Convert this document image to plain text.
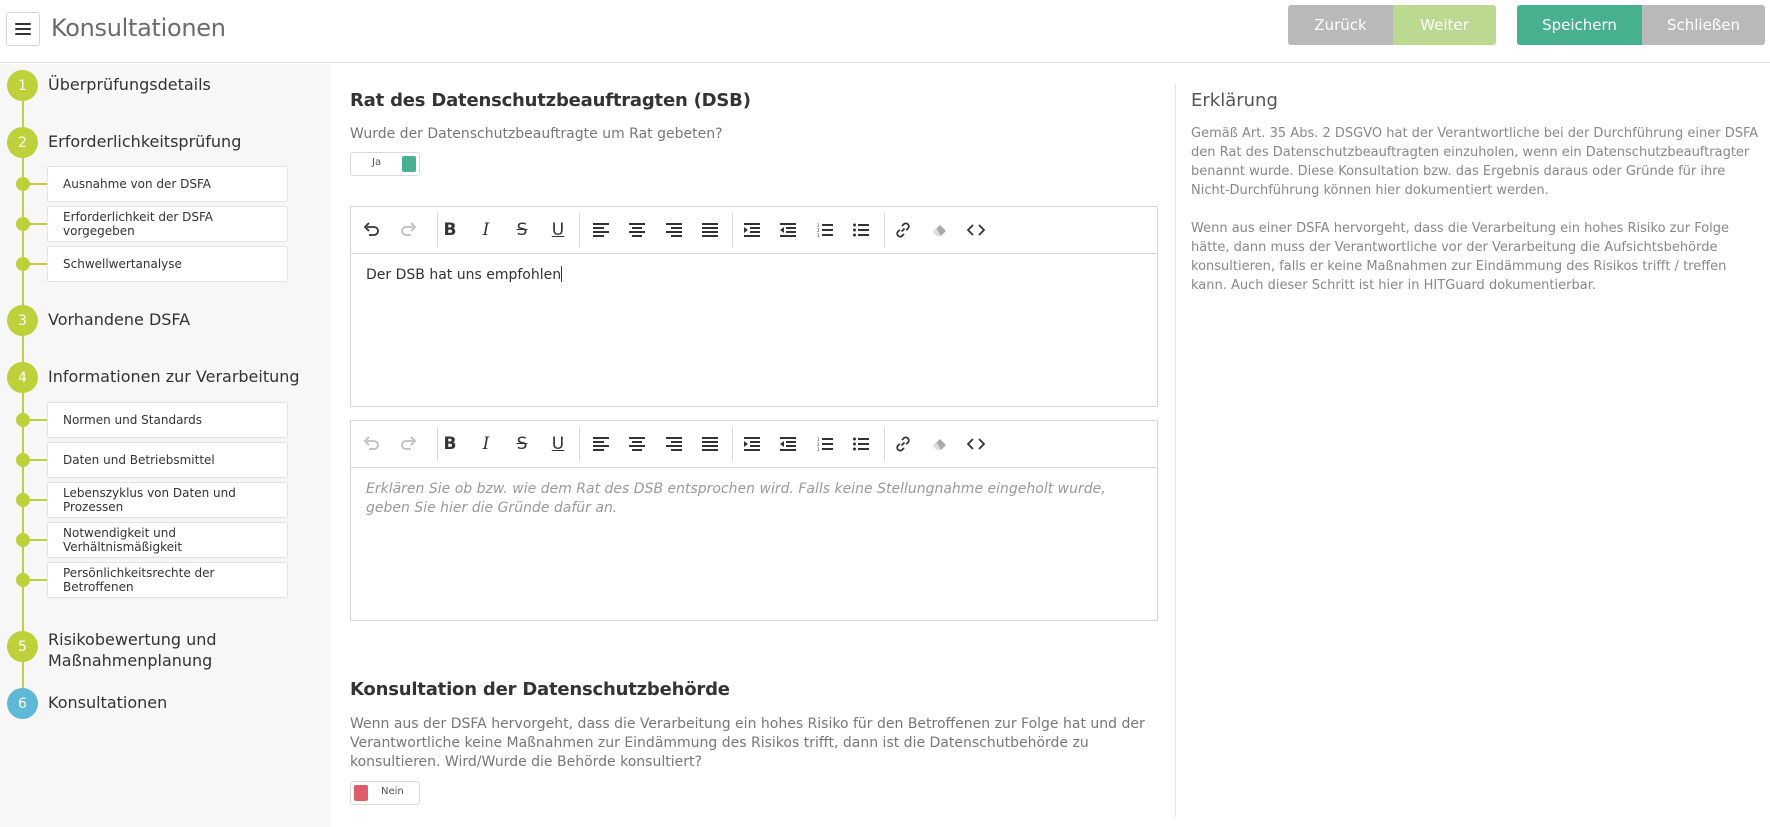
Konsultationen	Zurück	Weiter	Speichern	Schließen
1	Überprüfungsdetails
2	Erforderlichkeitsprüfung
Ausnahme von der DSFA
Erforderlichkeit der DSFA vorgegeben
Schwellwertanalyse
3	Vorhandene DSFA
4	Informationen zur Verarbeitung
Normen und Standards
Daten und Betriebsmittel
Lebenszyklus von Daten und Prozessen
Notwendigkeit und Verhältnismäßigkeit
Persönlichkeitsrechte der Betroffenen
5	Risikobewertung und
Maßnahmenplanung
6	Konsultationen
Rat des Datenschutzbeauftragten (DSB)
Wurde der Datenschutzbeauftragte um Rat gebeten?
Ja
B	I	S	U	1
2
3
Der DSB hat uns empfohlen
B	I	S	U	1
2
3
Erklären Sie ob bzw. wie dem Rat des DSB entsprochen wird. Falls keine Stellungnahme eingeholt wurde, geben Sie hier die Gründe dafür an.
Konsultation der Datenschutzbehörde
Wenn aus der DSFA hervorgeht, dass die Verarbeitung ein hohes Risiko für den Betroffenen zur Folge hat und der Verantwortliche keine Maßnahmen zur Eindämmung des Risikos trifft, dann ist die Datenschutbehörde zu konsultieren. Wird/Wurde die Behörde konsultiert?
Nein
Erklärung
Gemäß Art. 35 Abs. 2 DSGVO hat der Verantwortliche bei der Durchführung einer DSFA den Rat des Datenschutzbeauftragten einzuholen, wenn ein Datenschutzbeauftragter benannt wurde. Diese Konsultation bzw. das Ergebnis daraus oder Gründe für ihre Nicht-Durchführung können hier dokumentiert werden.
Wenn aus einer DSFA hervorgeht, dass die Verarbeitung ein hohes Risiko zur Folge hätte, dann muss der Verantwortliche vor der Verarbeitung die Aufsichtsbehörde konsultieren, falls er keine Maßnahmen zur Eindämmung des Risikos trifft / treffen kann. Auch dieser Schritt ist hier in HITGuard dokumentierbar.
